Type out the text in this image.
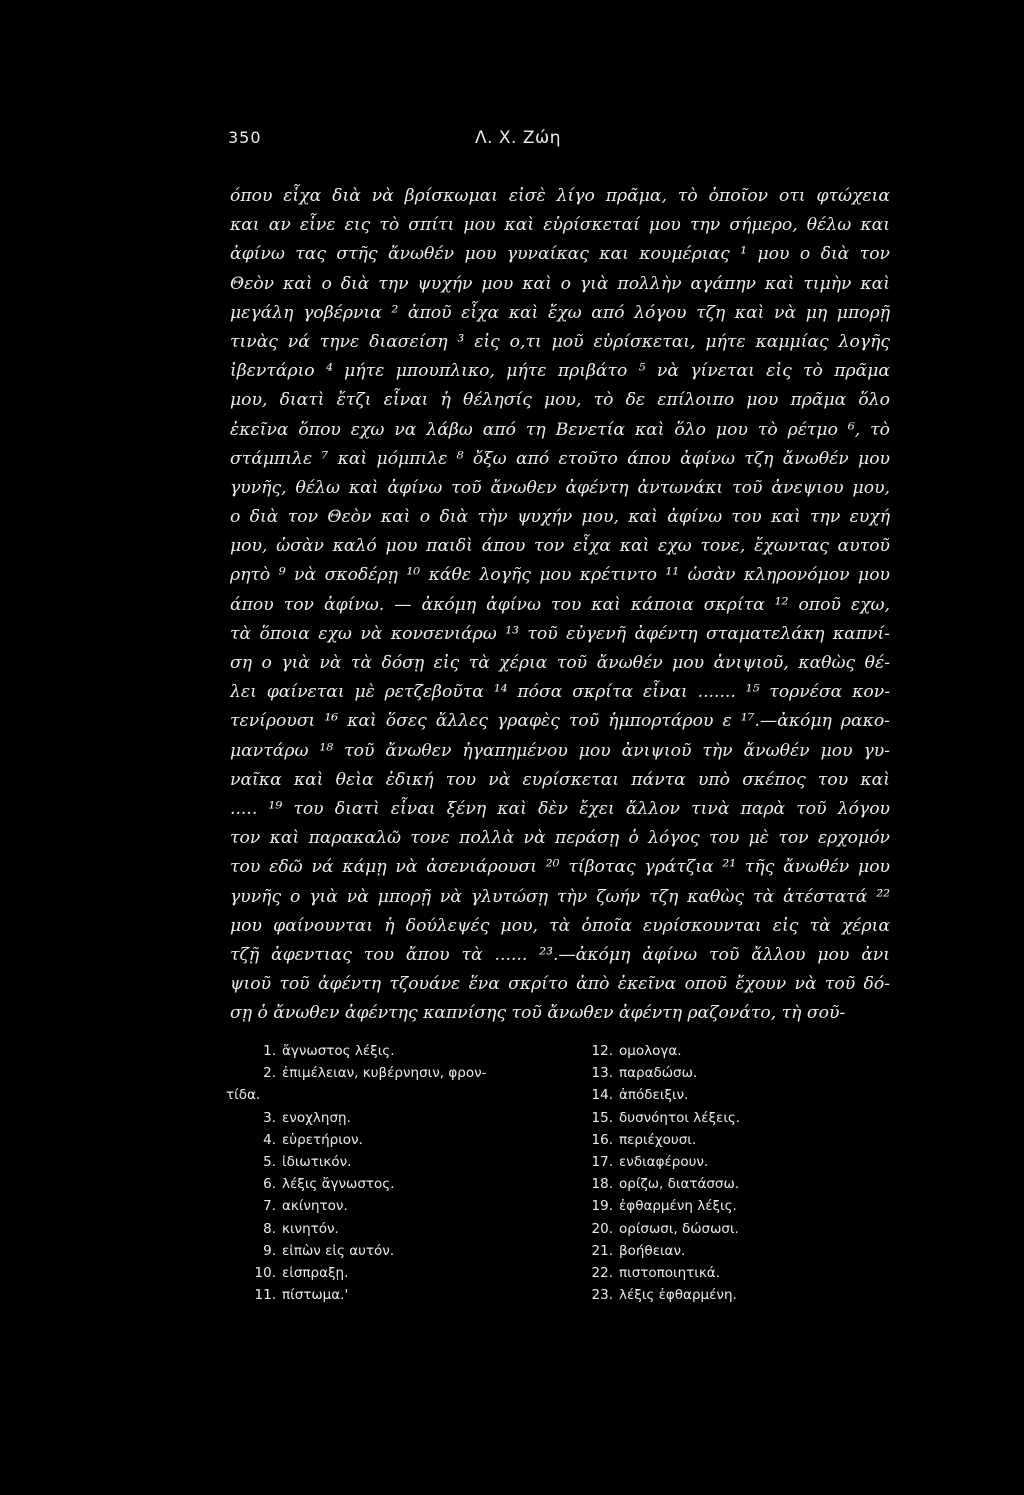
350	Λ. Χ. Ζώη
όπου εἶχα διὰ νὰ βρίσκωμαι εἰσὲ λίγο πρᾶμα, τὸ ὁποῖον οτι φτώχεια
και αν εἶνε εις τὸ σπίτι μου καὶ εὑρίσκεταί μου την σήμερο, θέλω και
ἀφίνω τας στῆς ἄνωθέν μου γυναίκας και κουμέριας ¹ μου ο διὰ τον
Θεὸν καὶ ο διὰ την ψυχήν μου καὶ ο γιὰ πολλὴν αγάπην καὶ τιμὴν καὶ
μεγάλη γοβέρνια ² ἀποῦ εἶχα καὶ ἔχω από λόγου τζη καὶ νὰ μη μπορῇ
τινὰς νά τηνε διασείση ³ εἰς ο,τι μοῦ εὑρίσκεται, μήτε καμμίας λογῆς
ἰβεντάριο ⁴ μήτε μπουπλικο, μήτε πριβάτο ⁵ νὰ γίνεται εἰς τὸ πρᾶμα
μου, διατὶ ἔτζι εἶναι ἡ θέλησίς μου, τὸ δε επίλοιπο μου πρᾶμα ὅλο
ἐκεῖνα ὅπου εχω να λάβω από τη Βενετία καὶ ὅλο μου τὸ ρέτμο ⁶, τὸ
στάμπιλε ⁷ καὶ μόμπιλε ⁸ ὄξω από ετοῦτο άπου ἀφίνω τζη ἄνωθέν μου
γυνῆς, θέλω καὶ ἀφίνω τοῦ ἄνωθεν ἀφέντη ἀντωνάκι τοῦ ἀνεψιου μου,
ο διὰ τον Θεὸν καὶ ο διὰ τὴν ψυχήν μου, καὶ ἀφίνω του καὶ την ευχή
μου, ὡσὰν καλό μου παιδὶ άπου τον εἶχα καὶ εχω τονε, ἔχωντας αυτοῦ
ρητὸ ⁹ νὰ σκοδέρῃ ¹⁰ κάθε λογῆς μου κρέτιντο ¹¹ ὡσὰν κληρονόμον μου
άπου τον ἀφίνω. — ἀκόμη ἀφίνω του καὶ κάποια σκρίτα ¹² οποῦ εχω,
τὰ ὅποια εχω νὰ κονσενιάρω ¹³ τοῦ εὐγενῆ ἀφέντη σταματελάκη καπνί-
ση ο γιὰ νὰ τὰ δόσῃ εἰς τὰ χέρια τοῦ ἄνωθέν μου ἀνιψιοῦ, καθὼς θέ-
λει φαίνεται μὲ ρετζεβοῦτα ¹⁴ πόσα σκρίτα εἶναι ....... ¹⁵ τορνέσα κον-
τενίρουσι ¹⁶ καὶ ὅσες ἄλλες γραφὲς τοῦ ἡμπορτάρου ε ¹⁷.—ἀκόμη ρακο-
μαντάρω ¹⁸ τοῦ ἄνωθεν ἠγαπημένου μου ἀνιψιοῦ τὴν ἄνωθέν μου γυ-
ναῖκα καὶ θεὶα ἐδική του νὰ ευρίσκεται πάντα υπὸ σκέπος του καὶ
..... ¹⁹ του διατὶ εἶναι ξένη καὶ δὲν ἔχει ἄλλον τινὰ παρὰ τοῦ λόγου
τον καὶ παρακαλῶ τονε πολλὰ νὰ περάσῃ ὁ λόγος του μὲ τον ερχομόν
του εδῶ νά κάμῃ νὰ ἀσενιάρουσι ²⁰ τίβοτας γράτζια ²¹ τῆς ἄνωθέν μου
γυνῆς ο γιὰ νὰ μπορῇ νὰ γλυτώσῃ τὴν ζωήν τζη καθὼς τὰ ἀτέστατά ²²
μου φαίνουνται ἡ δούλεψές μου, τὰ ὁποῖα ευρίσκουνται εἰς τὰ χέρια
τζῇ ἀφεντιας του ἄπου τὰ ...... ²³.—ἀκόμη ἀφίνω τοῦ ἄλλου μου ἀνι
ψιοῦ τοῦ ἀφέντη τζουάνε ἕνα σκρίτο ἀπὸ ἐκεῖνα οποῦ ἔχουν νὰ τοῦ δό-
σῃ ὁ ἄνωθεν ἀφέντης καπνίσης τοῦ ἄνωθεν ἀφέντη ραζονάτο, τὴ σοῦ-
1. ἄγνωστος λέξις.
2. ἐπιμέλειαν, κυβέρνησιν, φρον-
τίδα.
3. ενοχλησῃ.
4. εὑρετήριον.
5. ἰδιωτικόν.
6. λέξις ἄγνωστος.
7. ακίνητον.
8. κινητόν.
9. εἰπὼν εἰς αυτόν.
10. εἰσπραξῃ.
11. πίστωμα.'
12. ομολογα.
13. παραδώσω.
14. ἀπόδειξιν.
15. δυσνόητοι λέξεις.
16. περιέχουσι.
17. ενδιαφέρουν.
18. ορίζω, διατάσσω.
19. ἐφθαρμένη λέξις.
20. ορίσωσι, δώσωσι.
21. βοήθειαν.
22. πιστοποιητικά.
23. λέξις ἐφθαρμένη.
